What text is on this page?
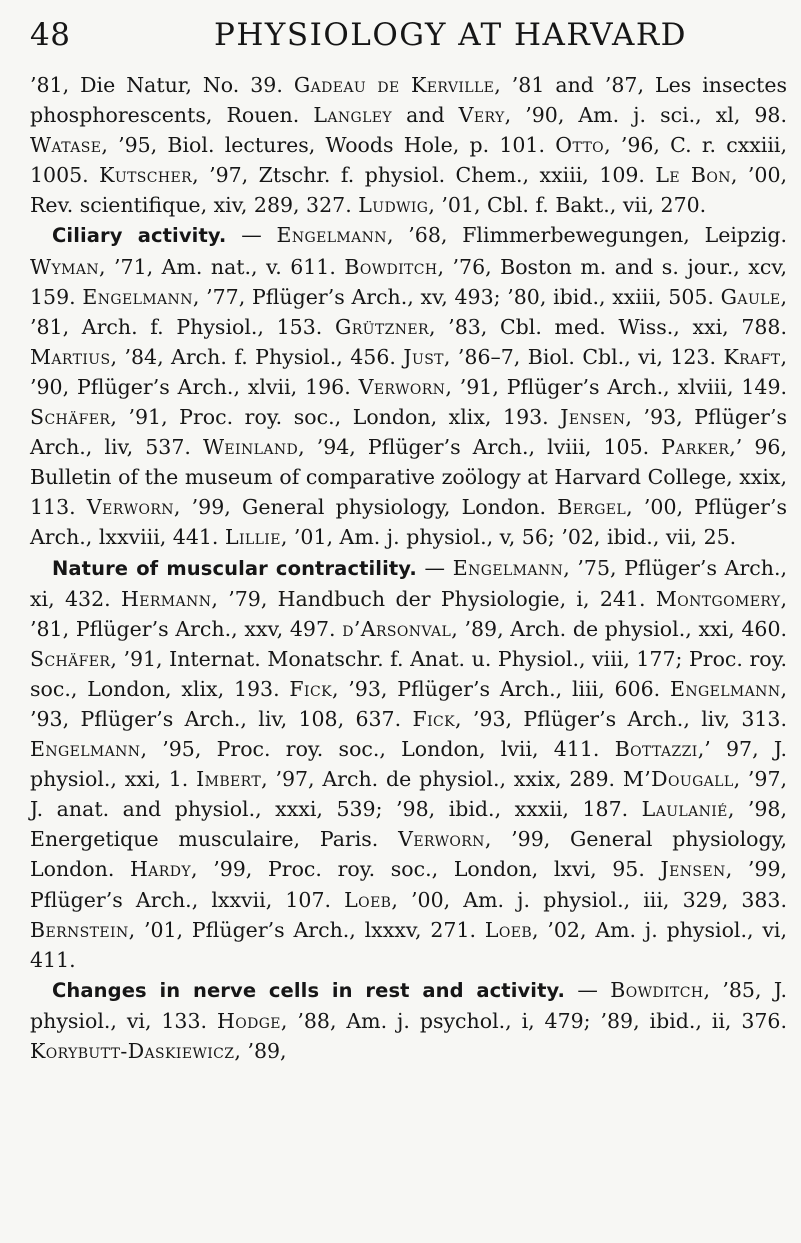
48	PHYSIOLOGY AT HARVARD

’81, Die Natur, No. 39. Gadeau de Kerville, ’81 and ’87, Les insectes phosphorescents, Rouen. Langley and Very, ’90, Am. j. sci., xl, 98. Watase, ’95, Biol. lectures, Woods Hole, p. 101. Otto, ’96, C. r. cxxiii, 1005. Kutscher, ’97, Ztschr. f. physiol. Chem., xxiii, 109. Le Bon, ’00, Rev. scientifique, xiv, 289, 327. Ludwig, ’01, Cbl. f. Bakt., vii, 270.

Ciliary activity. — Engelmann, ’68, Flimmerbewegungen, Leipzig. Wyman, ’71, Am. nat., v. 611. Bowditch, ’76, Boston m. and s. jour., xcv, 159. Engelmann, ’77, Pflüger’s Arch., xv, 493; ’80, ibid., xxiii, 505. Gaule, ’81, Arch. f. Physiol., 153. Grützner, ’83, Cbl. med. Wiss., xxi, 788. Martius, ’84, Arch. f. Physiol., 456. Just, ’86–7, Biol. Cbl., vi, 123. Kraft, ’90, Pflüger’s Arch., xlvii, 196. Verworn, ’91, Pflüger’s Arch., xlviii, 149. Schäfer, ’91, Proc. roy. soc., London, xlix, 193. Jensen, ’93, Pflüger’s Arch., liv, 537. Weinland, ’94, Pflüger’s Arch., lviii, 105. Parker,’ 96, Bulletin of the museum of comparative zoölogy at Harvard College, xxix, 113. Verworn, ’99, General physiology, London. Bergel, ’00, Pflüger’s Arch., lxxviii, 441. Lillie, ’01, Am. j. physiol., v, 56; ’02, ibid., vii, 25.

Nature of muscular contractility. — Engelmann, ’75, Pflüger’s Arch., xi, 432. Hermann, ’79, Handbuch der Physiologie, i, 241. Montgomery, ’81, Pflüger’s Arch., xxv, 497. d’Arsonval, ’89, Arch. de physiol., xxi, 460. Schäfer, ’91, Internat. Monatschr. f. Anat. u. Physiol., viii, 177; Proc. roy. soc., London, xlix, 193. Fick, ’93, Pflüger’s Arch., liii, 606. Engelmann, ’93, Pflüger’s Arch., liv, 108, 637. Fick, ’93, Pflüger’s Arch., liv, 313. Engelmann, ’95, Proc. roy. soc., London, lvii, 411. Bottazzi,’ 97, J. physiol., xxi, 1. Imbert, ’97, Arch. de physiol., xxix, 289. M’Dougall, ’97, J. anat. and physiol., xxxi, 539; ’98, ibid., xxxii, 187. Laulanié, ’98, Energetique musculaire, Paris. Verworn, ’99, General physiology, London. Hardy, ’99, Proc. roy. soc., London, lxvi, 95. Jensen, ’99, Pflüger’s Arch., lxxvii, 107. Loeb, ’00, Am. j. physiol., iii, 329, 383. Bernstein, ’01, Pflüger’s Arch., lxxxv, 271. Loeb, ’02, Am. j. physiol., vi, 411.

Changes in nerve cells in rest and activity. — Bowditch, ’85, J. physiol., vi, 133. Hodge, ’88, Am. j. psychol., i, 479; ’89, ibid., ii, 376. Korybutt-Daskiewicz, ’89,
